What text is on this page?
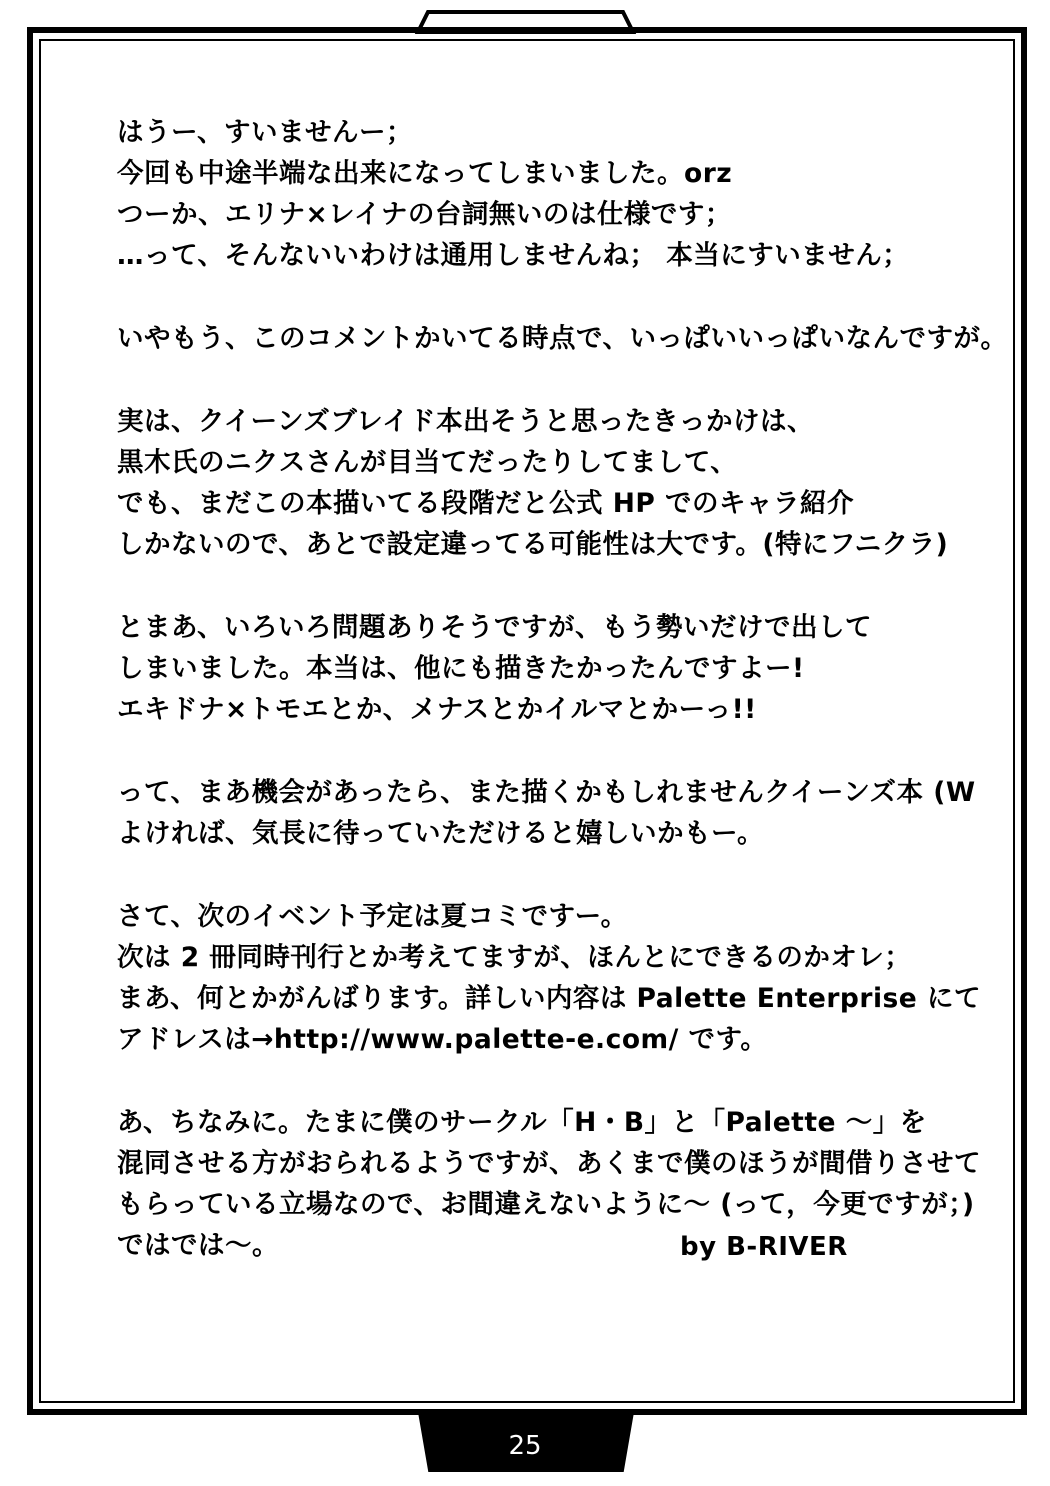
はうー、すいませんー；
今回も中途半端な出来になってしまいました。orz
つーか、エリナ×レイナの台詞無いのは仕様です；
…って、そんないいわけは通用しませんね； 本当にすいません；
いやもう、このコメントかいてる時点で、いっぱいいっぱいなんですが。
実は、クイーンズブレイド本出そうと思ったきっかけは、
黒木氏のニクスさんが目当てだったりしてまして、
でも、まだこの本描いてる段階だと公式 HP でのキャラ紹介
しかないので、あとで設定違ってる可能性は大です。(特にフニクラ)
とまあ、いろいろ問題ありそうですが、もう勢いだけで出して
しまいました。本当は、他にも描きたかったんですよー!
エキドナ×トモエとか、メナスとかイルマとかーっ!!
って、まあ機会があったら、また描くかもしれませんクイーンズ本 (W
よければ、気長に待っていただけると嬉しいかもー。
さて、次のイベント予定は夏コミですー。
次は 2 冊同時刊行とか考えてますが、ほんとにできるのかオレ；
まあ、何とかがんばります。詳しい内容は Palette Enterprise にて
アドレスは→http://www.palette-e.com/ です。
あ、ちなみに。たまに僕のサークル「H・B」と「Palette ～」を
混同させる方がおられるようですが、あくまで僕のほうが間借りさせて
もらっている立場なので、お間違えないように～ (って，今更ですが；)
ではでは～。	by B-RIVER
25
